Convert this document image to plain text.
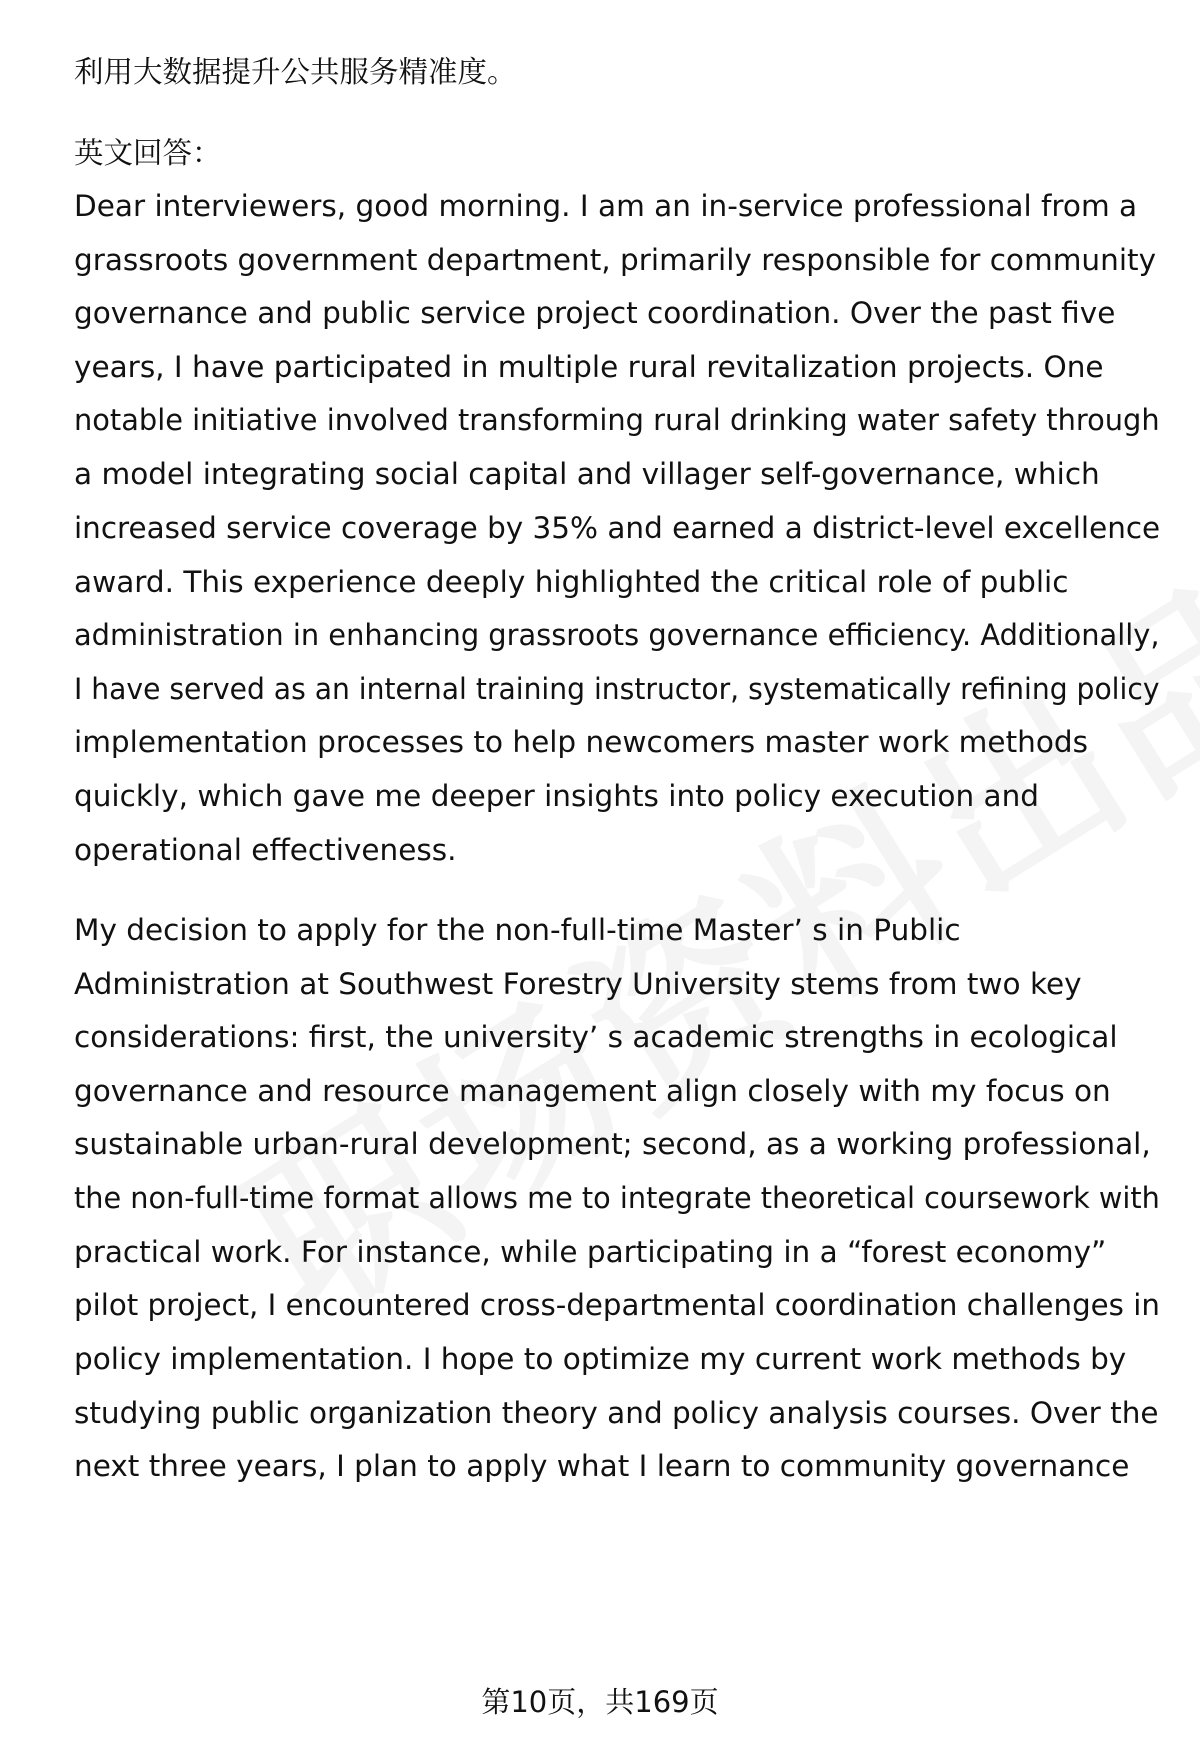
利用大数据提升公共服务精准度。
英文回答：
Dear interviewers, good morning. I am an in-service professional from a
grassroots government department, primarily responsible for community
governance and public service project coordination. Over the past five
years, I have participated in multiple rural revitalization projects. One
notable initiative involved transforming rural drinking water safety through
a model integrating social capital and villager self-governance, which
increased service coverage by 35% and earned a district-level excellence
award. This experience deeply highlighted the critical role of public
administration in enhancing grassroots governance efficiency. Additionally,
I have served as an internal training instructor, systematically refining policy
implementation processes to help newcomers master work methods
quickly, which gave me deeper insights into policy execution and
operational effectiveness.
My decision to apply for the non-full-time Master’ s in Public
Administration at Southwest Forestry University stems from two key
considerations: first, the university’ s academic strengths in ecological
governance and resource management align closely with my focus on
sustainable urban-rural development; second, as a working professional,
the non-full-time format allows me to integrate theoretical coursework with
practical work. For instance, while participating in a “forest economy”
pilot project, I encountered cross-departmental coordination challenges in
policy implementation. I hope to optimize my current work methods by
studying public organization theory and policy analysis courses. Over the
next three years, I plan to apply what I learn to community governance
第10页，共169页
